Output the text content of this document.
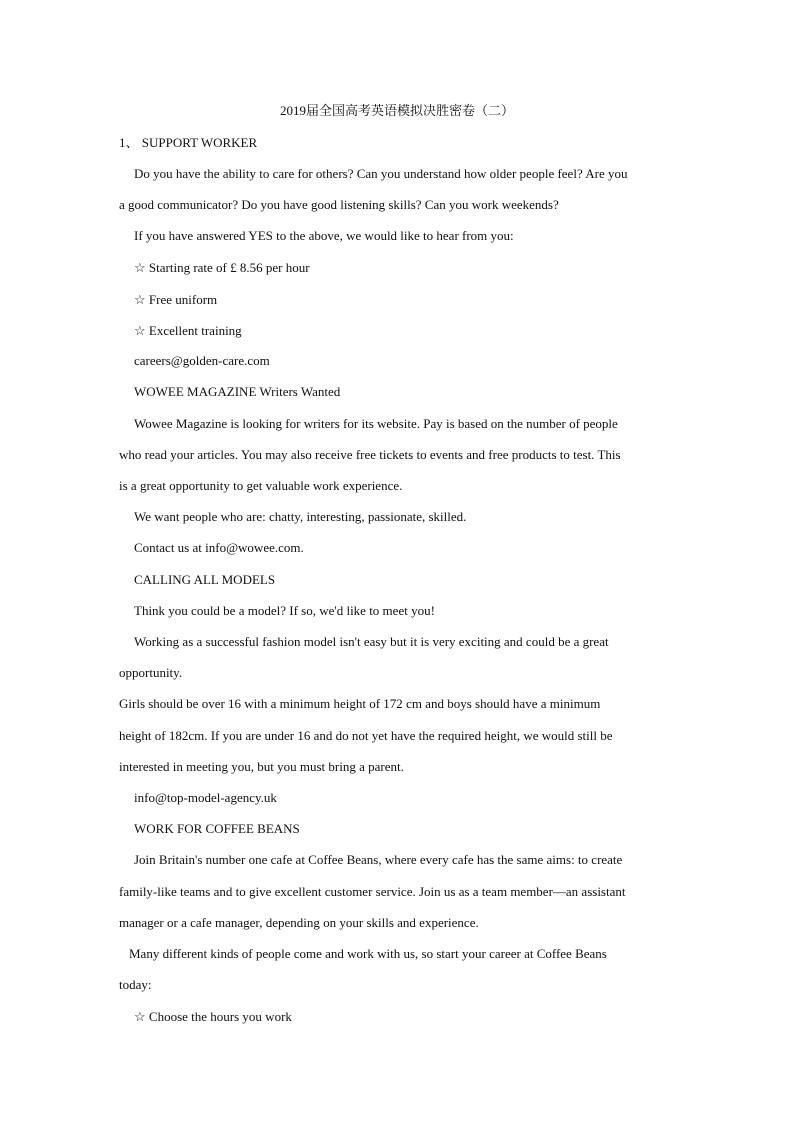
2019届全国高考英语模拟决胜密卷（二）
1、 SUPPORT WORKER
Do you have the ability to care for others? Can you understand how older people feel? Are you
a good communicator? Do you have good listening skills? Can you work weekends?
If you have answered YES to the above, we would like to hear from you:
☆ Starting rate of £ 8.56 per hour
☆ Free uniform
☆ Excellent training
careers@golden-care.com
WOWEE MAGAZINE Writers Wanted
Wowee Magazine is looking for writers for its website. Pay is based on the number of people
who read your articles. You may also receive free tickets to events and free products to test. This
is a great opportunity to get valuable work experience.
We want people who are: chatty, interesting, passionate, skilled.
Contact us at info@wowee.com.
CALLING ALL MODELS
Think you could be a model? If so, we'd like to meet you!
Working as a successful fashion model isn't easy but it is very exciting and could be a great
opportunity.
Girls should be over 16 with a minimum height of 172 cm and boys should have a minimum
height of 182cm. If you are under 16 and do not yet have the required height, we would still be
interested in meeting you, but you must bring a parent.
info@top-model-agency.uk
WORK FOR COFFEE BEANS
Join Britain's number one cafe at Coffee Beans, where every cafe has the same aims: to create
family-like teams and to give excellent customer service. Join us as a team member—an assistant
manager or a cafe manager, depending on your skills and experience.
Many different kinds of people come and work with us, so start your career at Coffee Beans
today:
☆ Choose the hours you work
